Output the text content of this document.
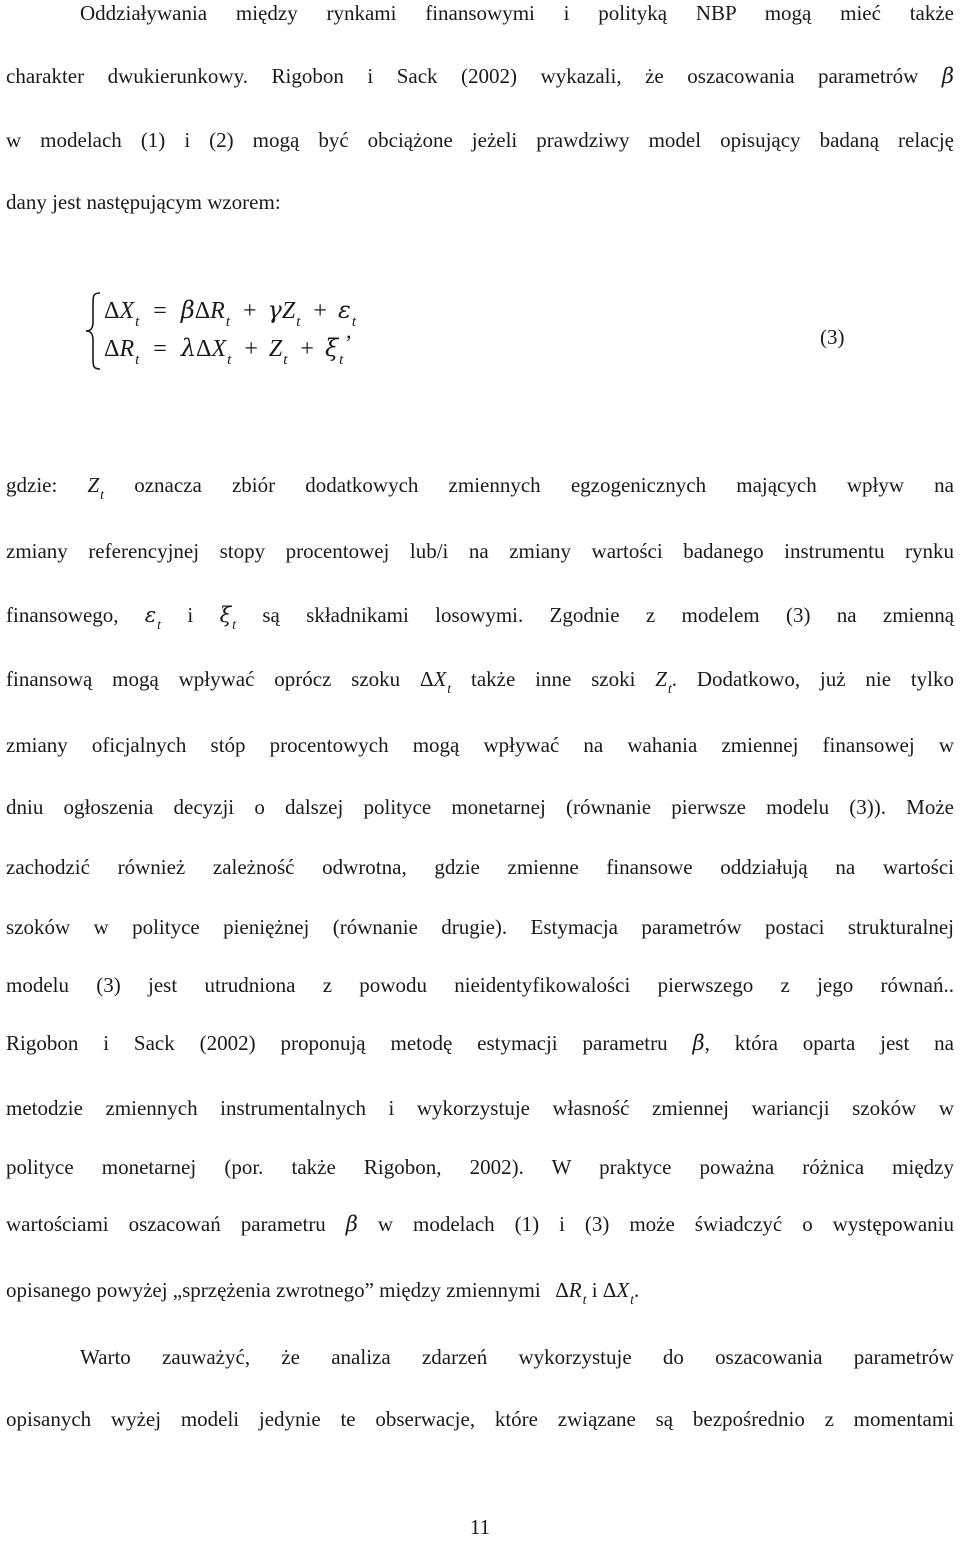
Oddziaływania między rynkami finansowymi i polityką NBP mogą mieć także
charakter dwukierunkowy. Rigobon i Sack (2002) wykazali, że oszacowania parametrów β
w modelach (1) i (2) mogą być obciążone jeżeli prawdziwy model opisujący badaną relację
dany jest następującym wzorem:
$\Delta X_t = \beta\Delta R_t + \gamma Z_t + \varepsilon_t$
$\Delta R_t = \lambda\Delta X_t + Z_t + \xi_t$
,	(3)
gdzie: $Z_t$ oznacza zbiór dodatkowych zmiennych egzogenicznych mających wpływ na
zmiany referencyjnej stopy procentowej lub/i na zmiany wartości badanego instrumentu rynku
finansowego, $\varepsilon_t$ i $\xi_t$ są składnikami losowymi. Zgodnie z modelem (3) na zmienną
finansową mogą wpływać oprócz szoku $\Delta X_t$ także inne szoki $Z_t$. Dodatkowo, już nie tylko
zmiany oficjalnych stóp procentowych mogą wpływać na wahania zmiennej finansowej w
dniu ogłoszenia decyzji o dalszej polityce monetarnej (równanie pierwsze modelu (3)). Może
zachodzić również zależność odwrotna, gdzie zmienne finansowe oddziałują na wartości
szoków w polityce pieniężnej (równanie drugie). Estymacja parametrów postaci strukturalnej
modelu (3) jest utrudniona z powodu nieidentyfikowalości pierwszego z jego równań..
Rigobon i Sack (2002) proponują metodę estymacji parametru β, która oparta jest na
metodzie zmiennych instrumentalnych i wykorzystuje własność zmiennej wariancji szoków w
polityce monetarnej (por. także Rigobon, 2002). W praktyce poważna różnica między
wartościami oszacowań parametru β w modelach (1) i (3) może świadczyć o występowaniu
opisanego powyżej „sprzężenia zwrotnego” między zmiennymi $\Delta R_t$ i $\Delta X_t$.
Warto zauważyć, że analiza zdarzeń wykorzystuje do oszacowania parametrów
opisanych wyżej modeli jedynie te obserwacje, które związane są bezpośrednio z momentami
11
